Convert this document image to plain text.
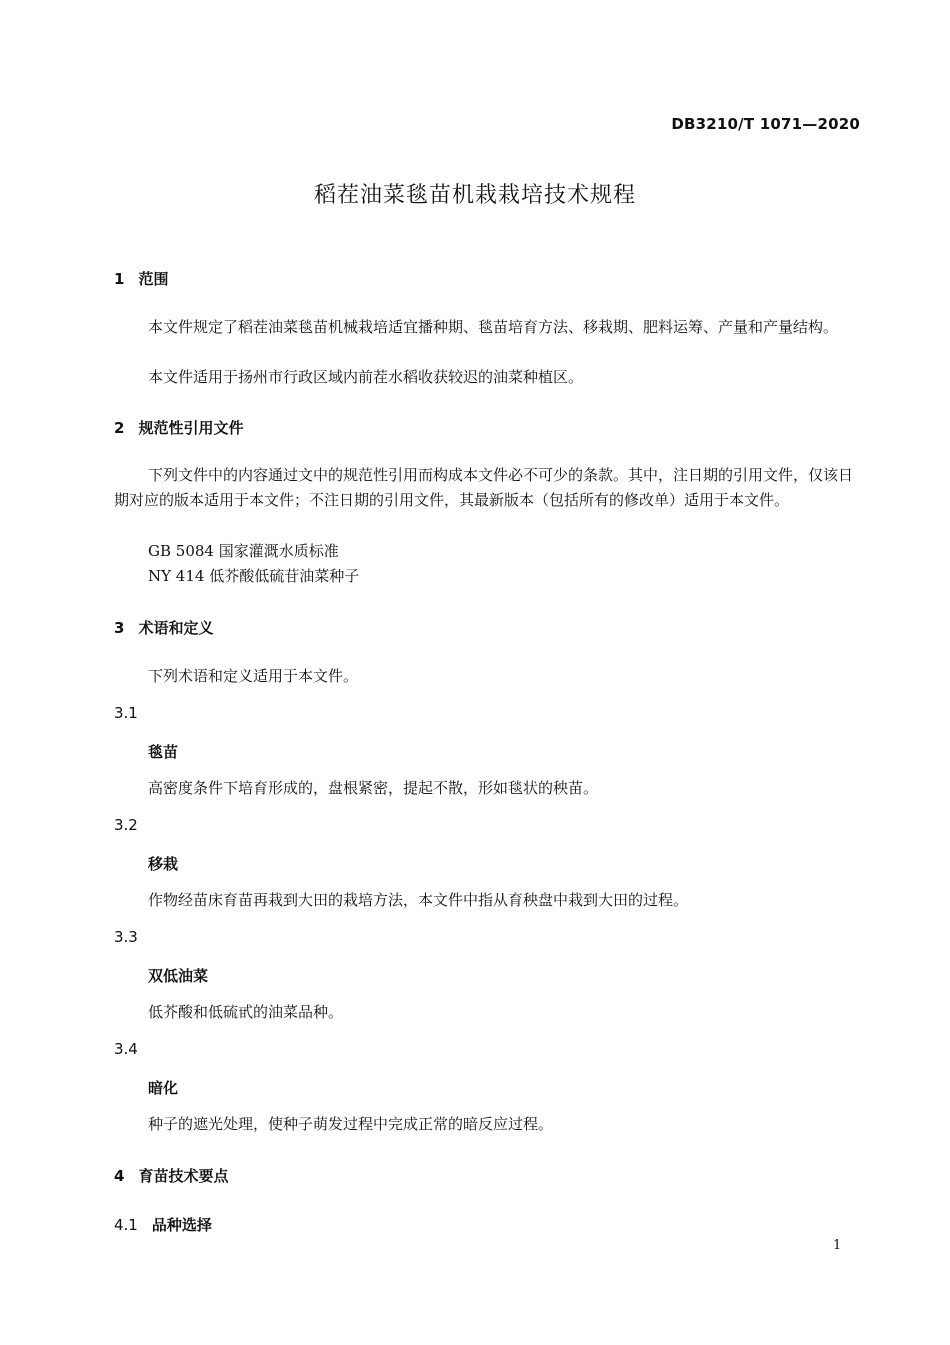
DB3210/T 1071—2020
稻茬油菜毯苗机栽栽培技术规程
1 范围
本文件规定了稻茬油菜毯苗机械栽培适宜播种期、毯苗培育方法、移栽期、肥料运筹、产量和产量结构。
本文件适用于扬州市行政区域内前茬水稻收获较迟的油菜种植区。
2 规范性引用文件
下列文件中的内容通过文中的规范性引用而构成本文件必不可少的条款。其中，注日期的引用文件，仅该日期对应的版本适用于本文件；不注日期的引用文件，其最新版本（包括所有的修改单）适用于本文件。
GB 5084 国家灌溉水质标准
NY 414 低芥酸低硫苷油菜种子
3 术语和定义
下列术语和定义适用于本文件。
3.1
毯苗
高密度条件下培育形成的，盘根紧密，提起不散，形如毯状的秧苗。
3.2
移栽
作物经苗床育苗再栽到大田的栽培方法，本文件中指从育秧盘中栽到大田的过程。
3.3
双低油菜
低芥酸和低硫甙的油菜品种。
3.4
暗化
种子的遮光处理，使种子萌发过程中完成正常的暗反应过程。
4 育苗技术要点
4.1 品种选择
1
